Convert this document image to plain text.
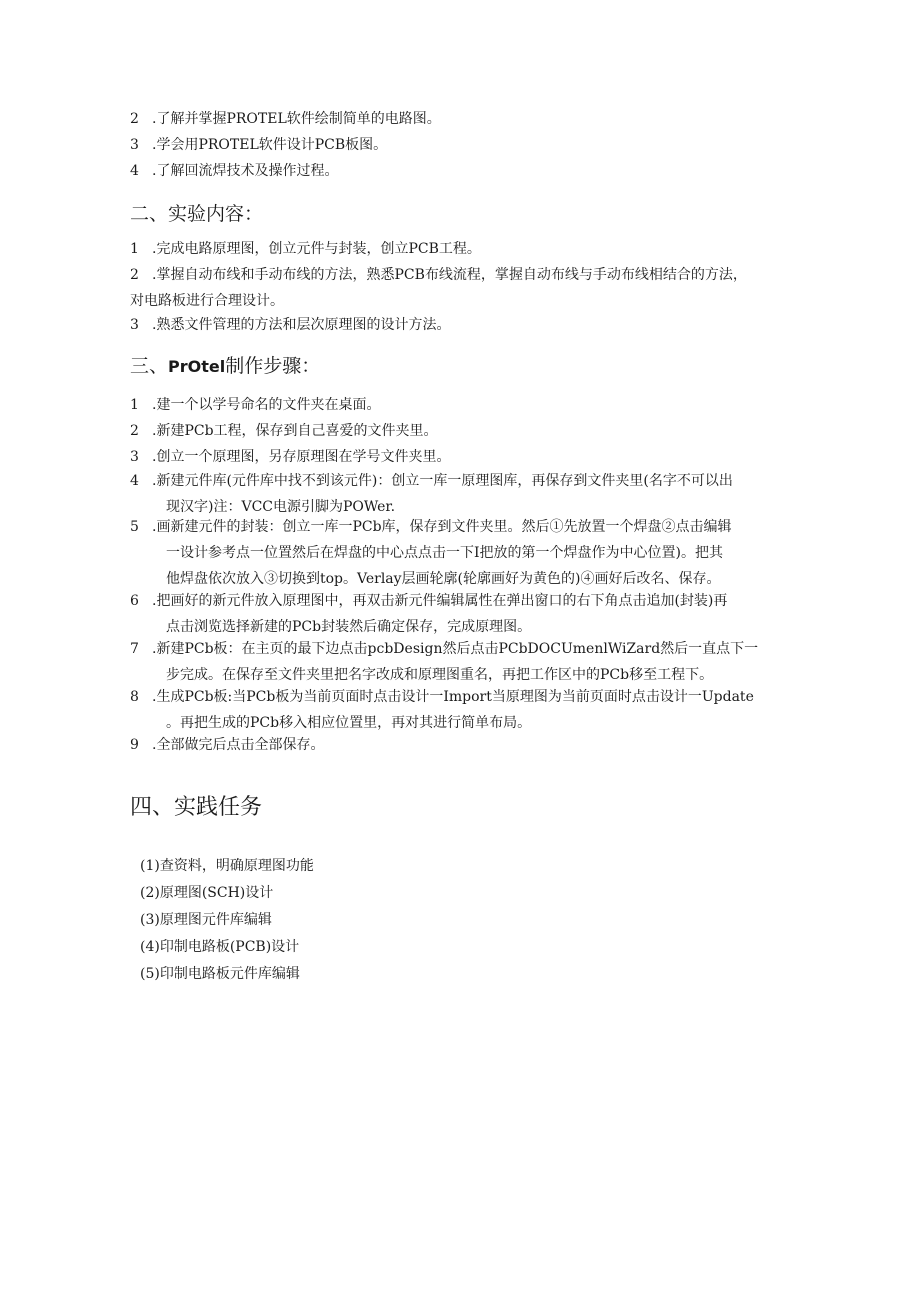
2 .了解并掌握PROTEL软件绘制简单的电路图。
3 .学会用PROTEL软件设计PCB板图。
4 .了解回流焊技术及操作过程。
二、实验内容：
1 .完成电路原理图，创立元件与封装，创立PCB工程。
2 .掌握自动布线和手动布线的方法，熟悉PCB布线流程，掌握自动布线与手动布线相结合的方法，
对电路板进行合理设计。
3 .熟悉文件管理的方法和层次原理图的设计方法。
三、PrOtel制作步骤：
1 .建一个以学号命名的文件夹在桌面。
2 .新建PCb工程，保存到自己喜爱的文件夹里。
3 .创立一个原理图，另存原理图在学号文件夹里。
4 .新建元件库(元件库中找不到该元件)：创立一库一原理图库，再保存到文件夹里(名字不可以出
现汉字)注：VCC电源引脚为POWer.
5 .画新建元件的封装：创立一库一PCb库，保存到文件夹里。然后①先放置一个焊盘②点击编辑
一设计参考点一位置然后在焊盘的中心点点击一下I把放的第一个焊盘作为中心位置)。把其
他焊盘依次放入③切换到top。Verlay层画轮廓(轮廓画好为黄色的)④画好后改名、保存。
6 .把画好的新元件放入原理图中，再双击新元件编辑属性在弹出窗口的右下角点击追加(封装)再
点击浏览选择新建的PCb封装然后确定保存，完成原理图。
7 .新建PCb板：在主页的最下边点击pcbDesign然后点击PCbDOCUmenlWiZard然后一直点下一
步完成。在保存至文件夹里把名字改成和原理图重名，再把工作区中的PCb移至工程下。
8 .生成PCb板:当PCb板为当前页面时点击设计一Import当原理图为当前页面时点击设计一Update
。再把生成的PCb移入相应位置里，再对其进行简单布局。
9 .全部做完后点击全部保存。
四、实践任务
(1)查资料，明确原理图功能
(2)原理图(SCH)设计
(3)原理图元件库编辑
(4)印制电路板(PCB)设计
(5)印制电路板元件库编辑
